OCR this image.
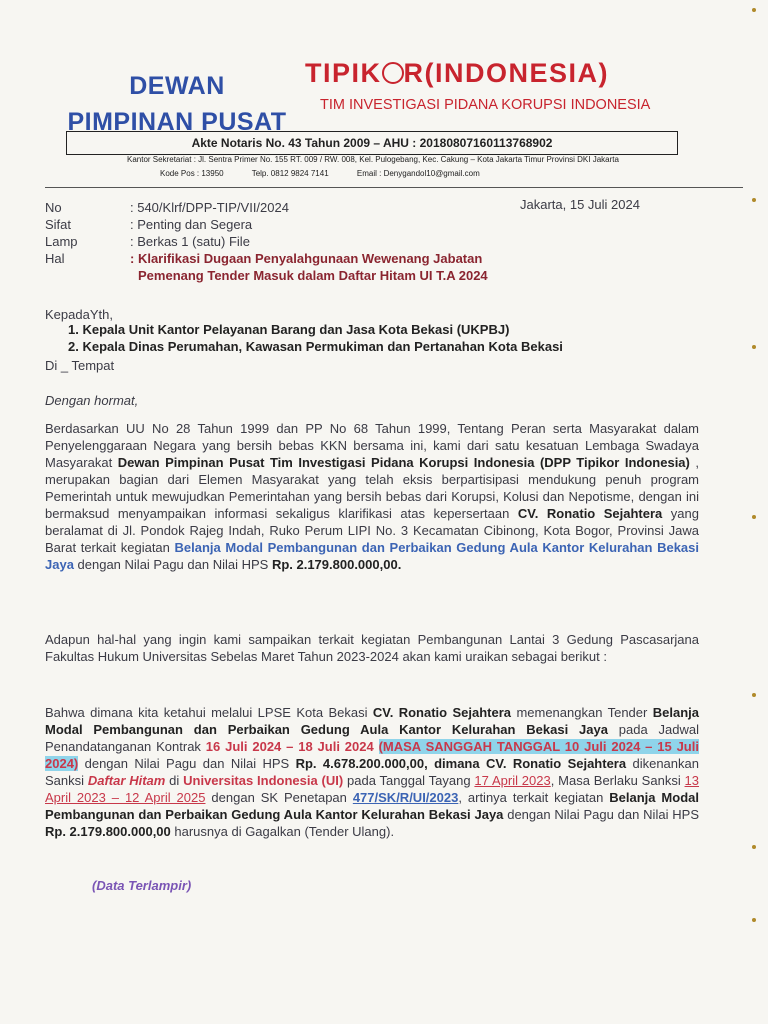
DEWAN
PIMPINAN PUSAT
TIPIK R(INDONESIA)
TIM INVESTIGASI PIDANA KORUPSI INDONESIA
Akte Notaris No. 43 Tahun 2009 – AHU : 20180807160113768902
Kantor Sekretariat : Jl. Sentra Primer No. 155 RT. 009 / RW. 008, Kel. Pulogebang, Kec. Cakung – Kota Jakarta Timur Provinsi DKI Jakarta
Kode Pos : 13950	Telp. 0812 9824 7141	Email : Denygandol10@gmail.com
No	: 540/Klrf/DPP-TIP/VII/2024
Sifat	: Penting dan Segera
Lamp	: Berkas 1 (satu) File
Hal	: Klarifikasi Dugaan Penyalahgunaan Wewenang Jabatan
Pemenang Tender Masuk dalam Daftar Hitam UI T.A 2024
Jakarta, 15 Juli 2024
KepadaYth,
1. Kepala Unit Kantor Pelayanan Barang dan Jasa Kota Bekasi (UKPBJ)
2. Kepala Dinas Perumahan, Kawasan Permukiman dan Pertanahan Kota Bekasi
Di _ Tempat
Dengan hormat,
Berdasarkan UU No 28 Tahun 1999 dan PP No 68 Tahun 1999, Tentang Peran serta Masyarakat dalam Penyelenggaraan Negara yang bersih bebas KKN bersama ini, kami dari satu kesatuan Lembaga Swadaya Masyarakat Dewan Pimpinan Pusat Tim Investigasi Pidana Korupsi Indonesia (DPP Tipikor Indonesia) , merupakan bagian dari Elemen Masyarakat yang telah eksis berpartisipasi mendukung penuh program Pemerintah untuk mewujudkan Pemerintahan yang bersih bebas dari Korupsi, Kolusi dan Nepotisme, dengan ini bermaksud menyampaikan informasi sekaligus klarifikasi atas kepersertaan CV. Ronatio Sejahtera yang beralamat di Jl. Pondok Rajeg Indah, Ruko Perum LIPI No. 3 Kecamatan Cibinong, Kota Bogor, Provinsi Jawa Barat terkait kegiatan Belanja Modal Pembangunan dan Perbaikan Gedung Aula Kantor Kelurahan Bekasi Jaya dengan Nilai Pagu dan Nilai HPS Rp. 2.179.800.000,00.
Adapun hal-hal yang ingin kami sampaikan terkait kegiatan Pembangunan Lantai 3 Gedung Pascasarjana Fakultas Hukum Universitas Sebelas Maret Tahun 2023-2024 akan kami uraikan sebagai berikut :
Bahwa dimana kita ketahui melalui LPSE Kota Bekasi CV. Ronatio Sejahtera memenangkan Tender Belanja Modal Pembangunan dan Perbaikan Gedung Aula Kantor Kelurahan Bekasi Jaya pada Jadwal Penandatanganan Kontrak 16 Juli 2024 – 18 Juli 2024 (MASA SANGGAH TANGGAL 10 Juli 2024 – 15 Juli 2024) dengan Nilai Pagu dan Nilai HPS Rp. 4.678.200.000,00, dimana CV. Ronatio Sejahtera dikenankan Sanksi Daftar Hitam di Universitas Indonesia (UI) pada Tanggal Tayang 17 April 2023, Masa Berlaku Sanksi 13 April 2023 – 12 April 2025 dengan SK Penetapan 477/SK/R/UI/2023, artinya terkait kegiatan Belanja Modal Pembangunan dan Perbaikan Gedung Aula Kantor Kelurahan Bekasi Jaya dengan Nilai Pagu dan Nilai HPS Rp. 2.179.800.000,00 harusnya di Gagalkan (Tender Ulang).
(Data Terlampir)
